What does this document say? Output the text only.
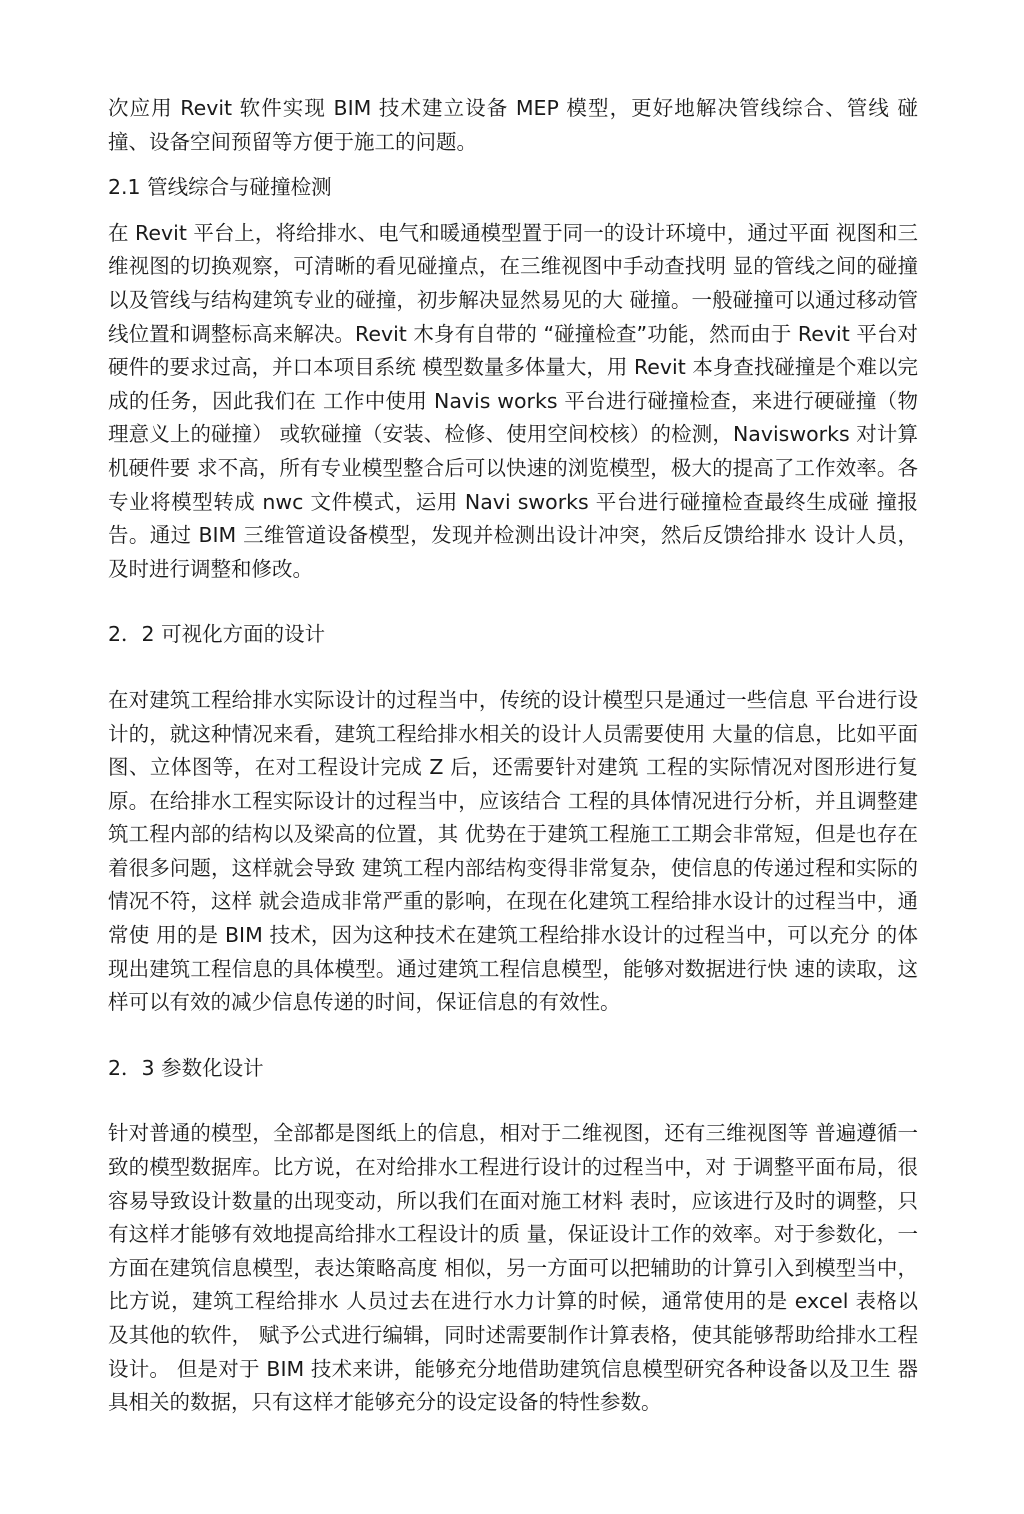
次应用 Revit 软件实现 BIM 技术建立设备 MEP 模型，更好地解决管线综合、管线 碰撞、设备空间预留等方便于施工的问题。

2.1 管线综合与碰撞检测

在 Revit 平台上，将给排水、电气和暖通模型置于同一的设计环境中，通过平面 视图和三维视图的切换观察，可清晰的看见碰撞点，在三维视图中手动查找明 显的管线之间的碰撞以及管线与结构建筑专业的碰撞，初步解决显然易见的大 碰撞。一般碰撞可以通过移动管线位置和调整标高来解决。Revit 木身有自带的 “碰撞检查”功能，然而由于 Revit 平台对硬件的要求过高，并口本项目系统 模型数量多体量大，用 Revit 本身查找碰撞是个难以完成的任务，因此我们在 工作中使用 Navis works 平台进行碰撞检查，来进行硬碰撞（物理意义上的碰撞） 或软碰撞（安装、检修、使用空间校核）的检测，Navisworks 对计算机硬件要 求不高，所有专业模型整合后可以快速的浏览模型，极大的提高了工作效率。各 专业将模型转成 nwc 文件模式，运用 Navi sworks 平台进行碰撞检查最终生成碰 撞报告。通过 BIM 三维管道设备模型，发现并检测出设计冲突，然后反馈给排水 设计人员，及时进行调整和修改。

2．2 可视化方面的设计

在对建筑工程给排水实际设计的过程当中，传统的设计模型只是通过一些信息 平台进行设计的，就这种情况来看，建筑工程给排水相关的设计人员需要使用 大量的信息，比如平面图、立体图等，在对工程设计完成 Z 后，还需要针对建筑 工程的实际情况对图形进行复原。在给排水工程实际设计的过程当中，应该结合 工程的具体情况进行分析，并且调整建筑工程内部的结构以及梁高的位置，其 优势在于建筑工程施工工期会非常短，但是也存在着很多问题，这样就会导致 建筑工程内部结构变得非常复杂，使信息的传递过程和实际的情况不符，这样 就会造成非常严重的影响，在现在化建筑工程给排水设计的过程当中，通常使 用的是 BIM 技术，因为这种技术在建筑工程给排水设计的过程当中，可以充分 的体现出建筑工程信息的具体模型。通过建筑工程信息模型，能够对数据进行快 速的读取，这样可以有效的减少信息传递的时间，保证信息的有效性。

2．3 参数化设计

针对普通的模型，全部都是图纸上的信息，相对于二维视图，还有三维视图等 普遍遵循一致的模型数据库。比方说，在对给排水工程进行设计的过程当中，对 于调整平面布局，很容易导致设计数量的出现变动，所以我们在面对施工材料 表时，应该进行及时的调整，只有这样才能够有效地提高给排水工程设计的质 量，保证设计工作的效率。对于参数化，一方面在建筑信息模型，表达策略高度 相似，另一方面可以把辅助的计算引入到模型当中，比方说，建筑工程给排水 人员过去在进行水力计算的时候，通常使用的是 excel 表格以及其他的软件， 赋予公式进行编辑，同时述需要制作计算表格，使其能够帮助给排水工程设计。 但是对于 BIM 技术来讲，能够充分地借助建筑信息模型研究各种设备以及卫生 器具相关的数据，只有这样才能够充分的设定设备的特性参数。
